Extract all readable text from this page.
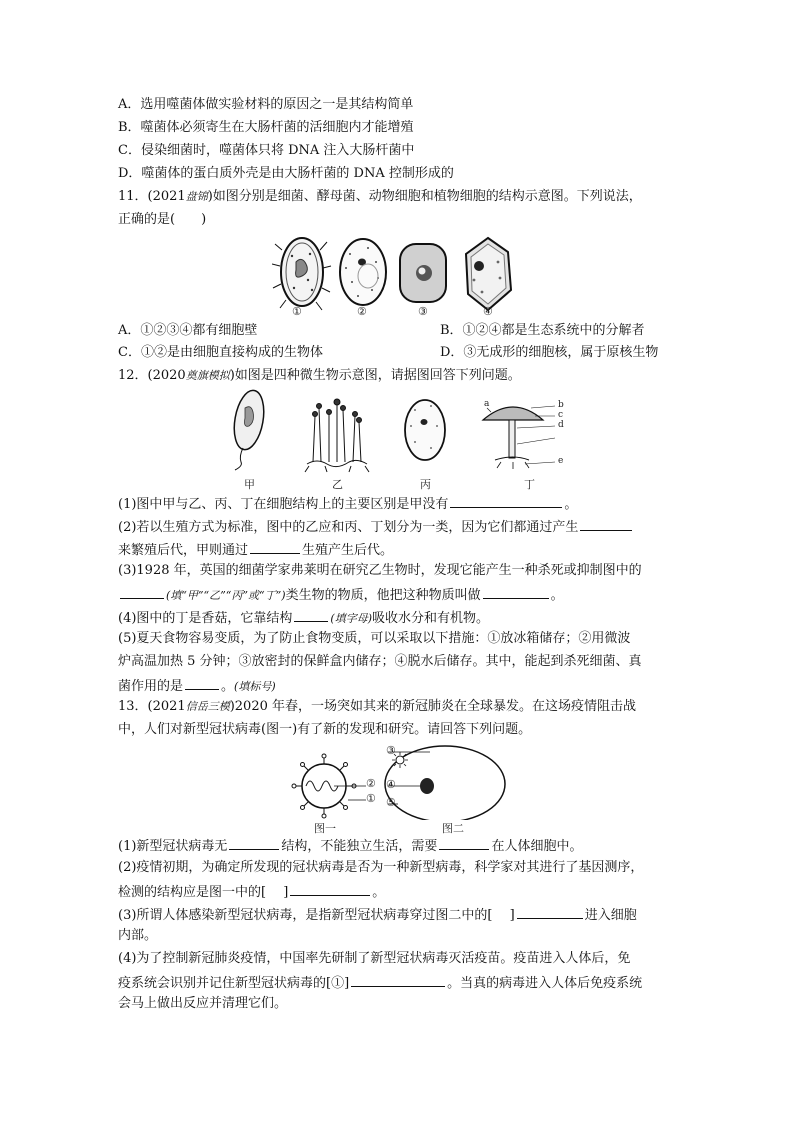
A．选用噬菌体做实验材料的原因之一是其结构简单
B．噬菌体必须寄生在大肠杆菌的活细胞内才能增殖
C．侵染细菌时，噬菌体只将 DNA 注入大肠杆菌中
D．噬菌体的蛋白质外壳是由大肠杆菌的 DNA 控制形成的
11．(2021盘锦)如图分别是细菌、酵母菌、动物细胞和植物细胞的结构示意图。下列说法，
正确的是(　　)
①	②	③	④
A．①②③④都有细胞壁	B．①②④都是生态系统中的分解者
C．①②是由细胞直接构成的生物体	D．③无成形的细胞核，属于原核生物
12．(2020奠旗模拟)如图是四种微生物示意图，请据图回答下列问题。
a	b
c
d
e
甲	乙	丙	丁
(1)图中甲与乙、丙、丁在细胞结构上的主要区别是甲没有	。
(2)若以生殖方式为标准，图中的乙应和丙、丁划分为一类，因为它们都通过产生
来繁殖后代，甲则通过	生殖产生后代。
(3)1928 年，英国的细菌学家弗莱明在研究乙生物时，发现它能产生一种杀死或抑制图中的
(填“甲”“乙”“丙”或“丁”)类生物的物质，他把这种物质叫做	。
(4)图中的丁是香菇，它靠结构	(填字母)吸收水分和有机物。
(5)夏天食物容易变质，为了防止食物变质，可以采取以下措施：①放冰箱储存；②用微波
炉高温加热 5 分钟；③放密封的保鲜盒内储存；④脱水后储存。其中，能起到杀死细菌、真
菌作用的是	。(填标号)
13．(2021信岳三模)2020 年春，一场突如其来的新冠肺炎在全球暴发。在这场疫情阻击战
中，人们对新型冠状病毒(图一)有了新的发现和研究。请回答下列问题。
②
①
③
④
⑤
图一	图二
(1)新型冠状病毒无	结构，不能独立生活，需要	在人体细胞中。
(2)疫情初期，为确定所发现的冠状病毒是否为一种新型病毒，科学家对其进行了基因测序，
检测的结构应是图一中的[　 ]	。
(3)所谓人体感染新型冠状病毒，是指新型冠状病毒穿过图二中的[　 ]	进入细胞
内部。
(4)为了控制新冠肺炎疫情，中国率先研制了新型冠状病毒灭活疫苗。疫苗进入人体后，免
疫系统会识别并记住新型冠状病毒的[①]	。当真的病毒进入人体后免疫系统
会马上做出反应并清理它们。
